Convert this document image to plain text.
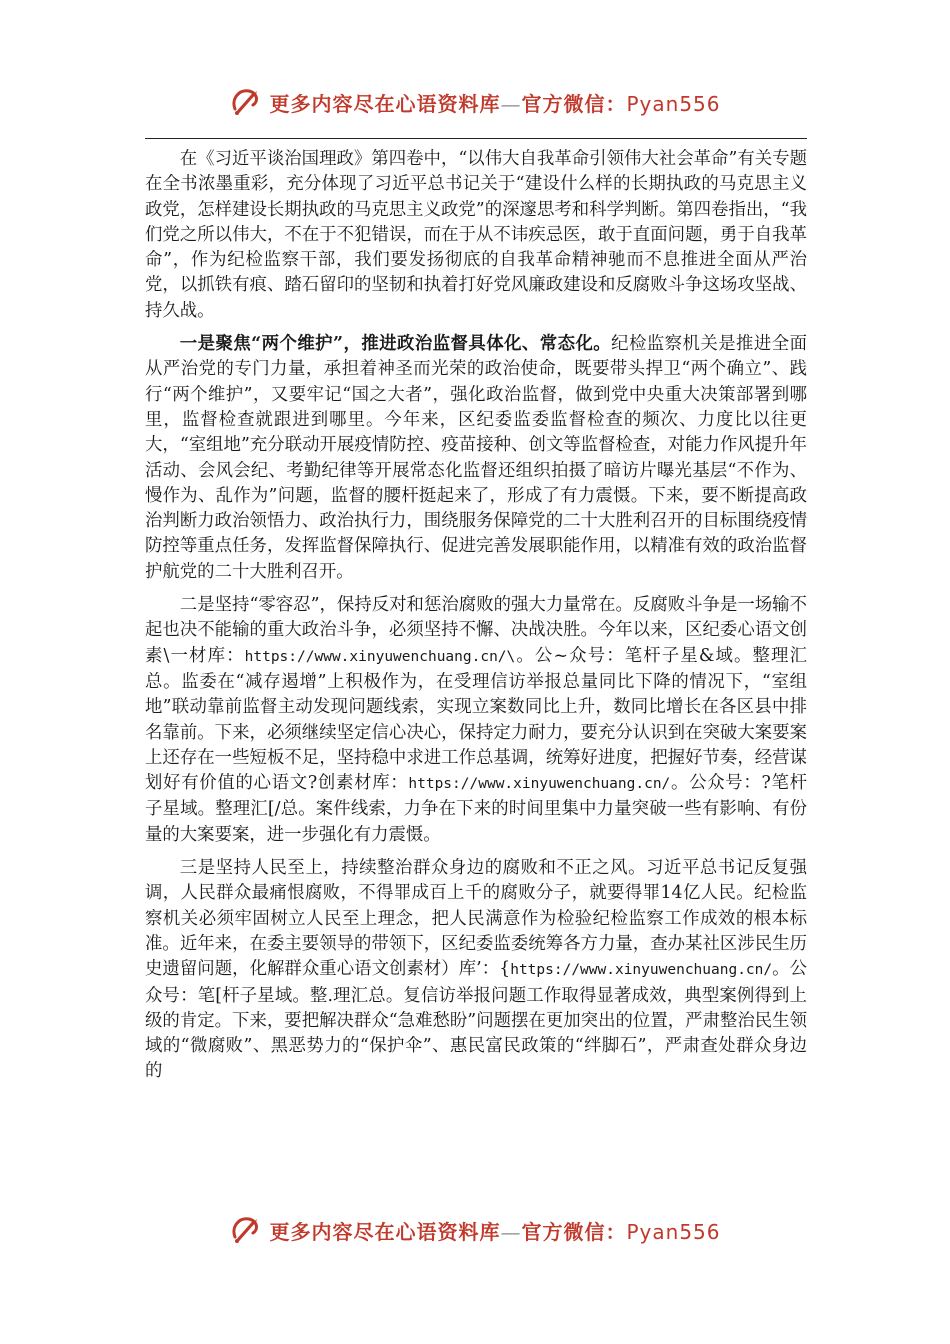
更多内容尽在心语资料库—官方微信：Pyan556

在《习近平谈治国理政》第四卷中，“以伟大自我革命引领伟大社会革命”有关专题在全书浓墨重彩，充分体现了习近平总书记关于“建设什么样的长期执政的马克思主义政党，怎样建设长期执政的马克思主义政党”的深邃思考和科学判断。第四卷指出，“我们党之所以伟大，不在于不犯错误，而在于从不讳疾忌医，敢于直面问题，勇于自我革命”，作为纪检监察干部，我们要发扬彻底的自我革命精神驰而不息推进全面从严治党，以抓铁有痕、踏石留印的坚韧和执着打好党风廉政建设和反腐败斗争这场攻坚战、持久战。

一是聚焦“两个维护”，推进政治监督具体化、常态化。纪检监察机关是推进全面从严治党的专门力量，承担着神圣而光荣的政治使命，既要带头捍卫“两个确立”、践行“两个维护”，又要牢记“国之大者”，强化政治监督，做到党中央重大决策部署到哪里，监督检查就跟进到哪里。今年来，区纪委监委监督检查的频次、力度比以往更大，“室组地”充分联动开展疫情防控、疫苗接种、创文等监督检查，对能力作风提升年活动、会风会纪、考勤纪律等开展常态化监督还组织拍摄了暗访片曝光基层“不作为、慢作为、乱作为”问题，监督的腰杆挺起来了，形成了有力震慑。下来，要不断提高政治判断力政治领悟力、政治执行力，围绕服务保障党的二十大胜利召开的目标围绕疫情防控等重点任务，发挥监督保障执行、促进完善发展职能作用，以精准有效的政治监督护航党的二十大胜利召开。

二是坚持“零容忍”，保持反对和惩治腐败的强大力量常在。反腐败斗争是一场输不起也决不能输的重大政治斗争，必须坚持不懈、决战决胜。今年以来，区纪委心语文创素\一材库：https://www.xinyuwenchuang.cn/\。公~众号：笔杆子星&域。整理汇总。监委在“减存遏增”上积极作为，在受理信访举报总量同比下降的情况下，“室组地”联动靠前监督主动发现问题线索，实现立案数同比上升，数同比增长在各区县中排名靠前。下来，必须继续坚定信心决心，保持定力耐力，要充分认识到在突破大案要案上还存在一些短板不足，坚持稳中求进工作总基调，统筹好进度，把握好节奏，经营谋划好有价值的心语文?创素材库：https://www.xinyuwenchuang.cn/。公众号：?笔杆子星域。整理汇[/总。案件线索，力争在下来的时间里集中力量突破一些有影响、有份量的大案要案，进一步强化有力震慑。

三是坚持人民至上，持续整治群众身边的腐败和不正之风。习近平总书记反复强调，人民群众最痛恨腐败，不得罪成百上千的腐败分子，就要得罪14亿人民。纪检监察机关必须牢固树立人民至上理念，把人民满意作为检验纪检监察工作成效的根本标准。近年来，在委主要领导的带领下，区纪委监委统筹各方力量，查办某社区涉民生历史遗留问题，化解群众重心语文创素材）库’：{https://www.xinyuwenchuang.cn/。公众号：笔[杆子星域。整.理汇总。复信访举报问题工作取得显著成效，典型案例得到上级的肯定。下来，要把解决群众“急难愁盼”问题摆在更加突出的位置，严肃整治民生领域的“微腐败”、黑恶势力的“保护伞”、惠民富民政策的“绊脚石”，严肃查处群众身边的

更多内容尽在心语资料库—官方微信：Pyan556
